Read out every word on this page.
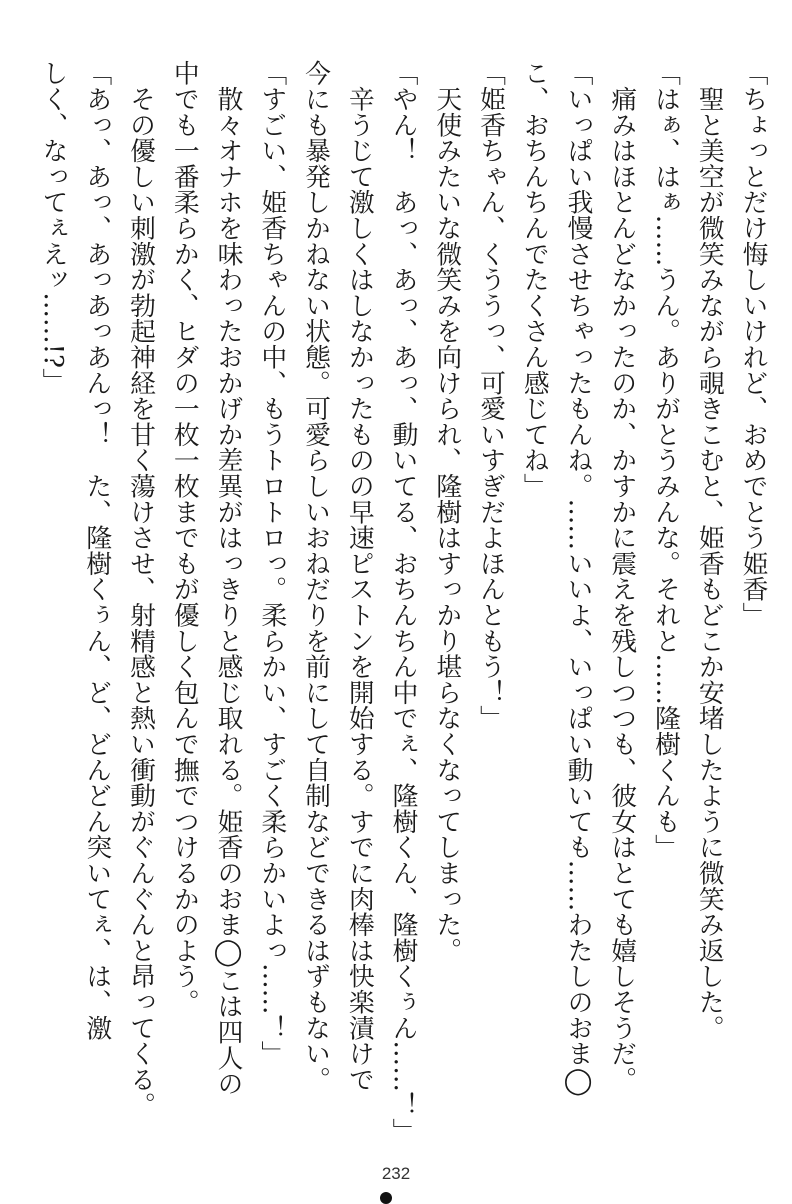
「ちょっとだけ悔しいけれど、おめでとう姫香」

　聖と美空が微笑みながら覗きこむと、姫香もどこか安堵したように微笑み返した。

「はぁ、はぁ……うん。ありがとうみんな。それと……隆樹くんも」

　痛みはほとんどなかったのか、かすかに震えを残しつつも、彼女はとても嬉しそうだ。

「いっぱい我慢させちゃったもんね。……いいよ、いっぱい動いても……わたしのおま◯

こ、おちんちんでたくさん感じてね」

「姫香ちゃん、くううっ、可愛いすぎだよほんともう！」

　天使みたいな微笑みを向けられ、隆樹はすっかり堪らなくなってしまった。

「やん！　あっ、あっ、あっ、動いてる、おちんちん中でぇ、隆樹くん、隆樹くぅん……！」

　辛うじて激しくはしなかったものの早速ピストンを開始する。すでに肉棒は快楽漬けで

今にも暴発しかねない状態。可愛らしいおねだりを前にして自制などできるはずもない。

「すごい、姫香ちゃんの中、もうトロトロっ。柔らかい、すごく柔らかいよっ……！」

　散々オナホを味わったおかげか差異がはっきりと感じ取れる。姫香のおま◯こは四人の

中でも一番柔らかく、ヒダの一枚一枚までもが優しく包んで撫でつけるかのよう。

　その優しい刺激が勃起神経を甘く蕩けさせ、射精感と熱い衝動がぐんぐんと昂ってくる。

「あっ、あっ、あっあっあんっ！　た、隆樹くぅん、ど、どんどん突いてぇ、は、激

しく、なってぇえッ……!?」

232
